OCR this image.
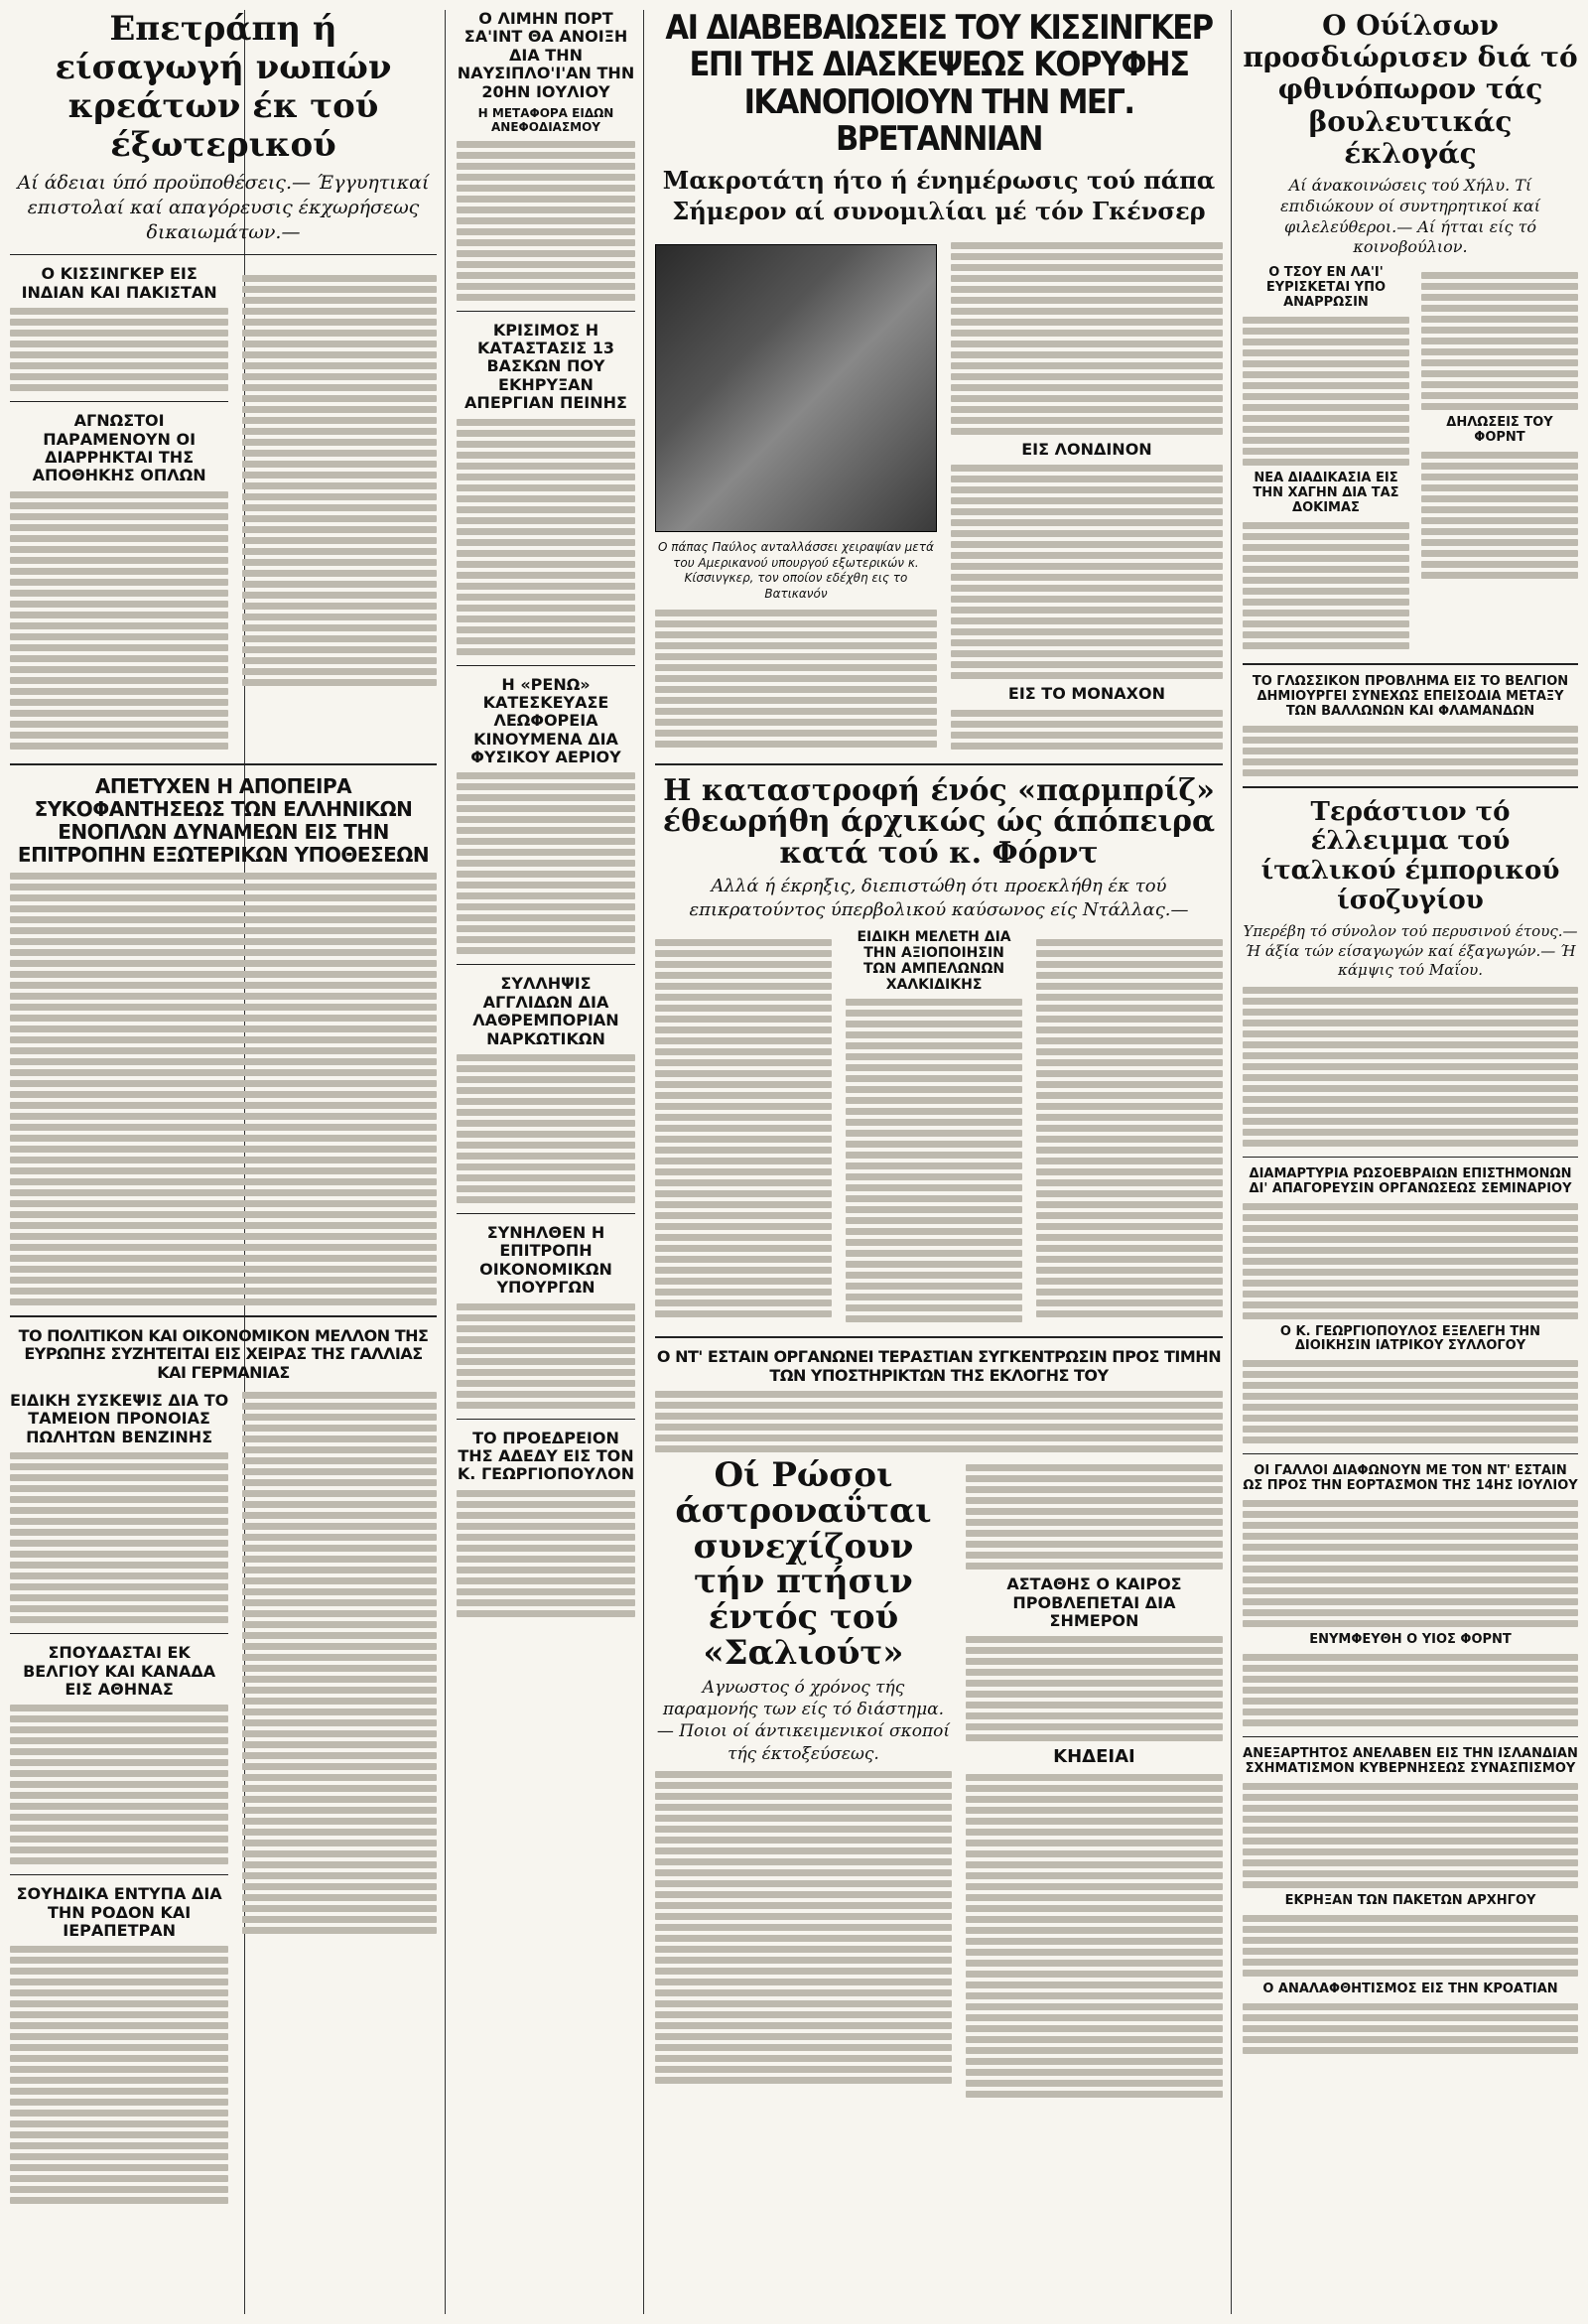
Επετράπη ή είσαγωγή νωπών κρεάτων έκ τού έξωτερικού
Αί άδειαι ύπό προϋποθέσεις.— Έγγυητικαί επιστολαί καί απαγόρευσις έκχωρήσεως δικαιωμάτων.—
Ο ΚΙΣΣΙΝΓΚΕΡ ΕΙΣ ΙΝΔΙΑΝ ΚΑΙ ΠΑΚΙΣΤΑΝ
ΑΓΝΩΣΤΟΙ ΠΑΡΑΜΕΝΟΥΝ ΟΙ ΔΙΑΡΡΗΚΤΑΙ ΤΗΣ ΑΠΟΘΗΚΗΣ ΟΠΛΩΝ
ΑΠΕΤΥΧΕΝ Η ΑΠΟΠΕΙΡΑ ΣΥΚΟΦΑΝΤΗΣΕΩΣ ΤΩΝ ΕΛΛΗΝΙΚΩΝ ΕΝΟΠΛΩΝ ΔΥΝΑΜΕΩΝ ΕΙΣ ΤΗΝ ΕΠΙΤΡΟΠΗΝ ΕΞΩΤΕΡΙΚΩΝ ΥΠΟΘΕΣΕΩΝ
ΤΟ ΠΟΛΙΤΙΚΟΝ ΚΑΙ ΟΙΚΟΝΟΜΙΚΟΝ ΜΕΛΛΟΝ ΤΗΣ ΕΥΡΩΠΗΣ ΣΥΖΗΤΕΙΤΑΙ ΕΙΣ ΧΕΙΡΑΣ ΤΗΣ ΓΑΛΛΙΑΣ ΚΑΙ ΓΕΡΜΑΝΙΑΣ
ΕΙΔΙΚΗ ΣΥΣΚΕΨΙΣ ΔΙΑ ΤΟ ΤΑΜΕΙΟΝ ΠΡΟΝΟΙΑΣ ΠΩΛΗΤΩΝ ΒΕΝΖΙΝΗΣ
ΣΠΟΥΔΑΣΤΑΙ ΕΚ ΒΕΛΓΙΟΥ ΚΑΙ ΚΑΝΑΔΑ ΕΙΣ ΑΘΗΝΑΣ
ΣΟΥΗΔΙΚΑ ΕΝΤΥΠΑ ΔΙΑ ΤΗΝ ΡΟΔΟΝ ΚΑΙ ΙΕΡΑΠΕΤΡΑΝ
Ο ΛΙΜΗΝ ΠΟΡΤ ΣΑ'ΙΝΤ ΘΑ ΑΝΟΙΞΗ ΔΙΑ ΤΗΝ ΝΑΥΣΙΠΛΟ'Ι'ΑΝ ΤΗΝ 20ΗΝ ΙΟΥΛΙΟΥ
Η ΜΕΤΑΦΟΡΑ ΕΙΔΩΝ ΑΝΕΦΟΔΙΑΣΜΟΥ
ΚΡΙΣΙΜΟΣ Η ΚΑΤΑΣΤΑΣΙΣ 13 ΒΑΣΚΩΝ ΠΟΥ ΕΚΗΡΥΞΑΝ ΑΠΕΡΓΙΑΝ ΠΕΙΝΗΣ
Η «ΡΕΝΩ» ΚΑΤΕΣΚΕΥΑΣΕ ΛΕΩΦΟΡΕΙΑ ΚΙΝΟΥΜΕΝΑ ΔΙΑ ΦΥΣΙΚΟΥ ΑΕΡΙΟΥ
ΣΥΛΛΗΨΙΣ ΑΓΓΛΙΔΩΝ ΔΙΑ ΛΑΘΡΕΜΠΟΡΙΑΝ ΝΑΡΚΩΤΙΚΩΝ
ΣΥΝΗΛΘΕΝ Η ΕΠΙΤΡΟΠΗ ΟΙΚΟΝΟΜΙΚΩΝ ΥΠΟΥΡΓΩΝ
ΤΟ ΠΡΟΕΔΡΕΙΟΝ ΤΗΣ ΑΔΕΔΥ ΕΙΣ ΤΟΝ Κ. ΓΕΩΡΓΙΟΠΟΥΛΟΝ
ΑΙ ΔΙΑΒΕΒΑΙΩΣΕΙΣ ΤΟΥ ΚΙΣΣΙΝΓΚΕΡ ΕΠΙ ΤΗΣ ΔΙΑΣΚΕΨΕΩΣ ΚΟΡΥΦΗΣ ΙΚΑΝΟΠΟΙΟΥΝ ΤΗΝ ΜΕΓ. ΒΡΕΤΑΝΝΙΑΝ
Μακροτάτη ήτο ή ένημέρωσις τού πάπα Σήμερον αί συνομιλίαι μέ τόν Γκένσερ
Ο πάπας Παύλος ανταλλάσσει χειραψίαν μετά του Αμερικανού υπουργού εξωτερικών κ. Κίσσινγκερ, τον οποίον εδέχθη εις το Βατικανόν
ΕΙΣ ΛΟΝΔΙΝΟΝ
ΕΙΣ ΤΟ ΜΟΝΑΧΟΝ
Η καταστροφή ένός «παρμπρίζ» έθεωρήθη άρχικώς ώς άπόπειρα κατά τού κ. Φόρντ
Αλλά ή έκρηξις, διεπιστώθη ότι προεκλήθη έκ τού επικρατούντος ύπερβολικού καύσωνος είς Ντάλλας.—
ΕΙΔΙΚΗ ΜΕΛΕΤΗ ΔΙΑ ΤΗΝ ΑΞΙΟΠΟΙΗΣΙΝ ΤΩΝ ΑΜΠΕΛΩΝΩΝ ΧΑΛΚΙΔΙΚΗΣ
Ο ΝΤ' ΕΣΤΑΙΝ ΟΡΓΑΝΩΝΕΙ ΤΕΡΑΣΤΙΑΝ ΣΥΓΚΕΝΤΡΩΣΙΝ ΠΡΟΣ ΤΙΜΗΝ ΤΩΝ ΥΠΟΣΤΗΡΙΚΤΩΝ ΤΗΣ ΕΚΛΟΓΗΣ ΤΟΥ
Οί Ρώσοι άστροναΰται συνεχίζουν τήν πτήσιν έντός τού «Σαλιούτ»
Αγνωστος ό χρόνος τής παραμονής των είς τό διάστημα.— Ποιοι οί άντικειμενικοί σκοποί τής έκτοξεύσεως.
ΑΣΤΑΘΗΣ Ο ΚΑΙΡΟΣ ΠΡΟΒΛΕΠΕΤΑΙ ΔΙΑ ΣΗΜΕΡΟΝ
ΚΗΔΕΙΑΙ
Ο Ούίλσων προσδιώρισεν διά τό φθινόπωρον τάς βουλευτικάς έκλογάς
Αί άνακοινώσεις τού Χήλυ. Τί επιδιώκουν οί συντηρητικοί καί φιλελεύθεροι.— Αί ήτται είς τό κοινοβούλιον.
Ο ΤΣΟΥ ΕΝ ΛΑ'Ι' ΕΥΡΙΣΚΕΤΑΙ ΥΠΟ ΑΝΑΡΡΩΣΙΝ
ΝΕΑ ΔΙΑΔΙΚΑΣΙΑ ΕΙΣ ΤΗΝ ΧΑΓΗΝ ΔΙΑ ΤΑΣ ΔΟΚΙΜΑΣ
ΔΗΛΩΣΕΙΣ ΤΟΥ ΦΟΡΝΤ
ΤΟ ΓΛΩΣΣΙΚΟΝ ΠΡΟΒΛΗΜΑ ΕΙΣ ΤΟ ΒΕΛΓΙΟΝ ΔΗΜΙΟΥΡΓΕΙ ΣΥΝΕΧΩΣ ΕΠΕΙΣΟΔΙΑ ΜΕΤΑΞΥ ΤΩΝ ΒΑΛΛΩΝΩΝ ΚΑΙ ΦΛΑΜΑΝΔΩΝ
Τεράστιον τό έλλειμμα τού ίταλικού έμπορικού ίσοζυγίου
Υπερέβη τό σύνολον τού περυσινού έτους.— Ή άξία τών είσαγωγών καί έξαγωγών.— Ή κάμψις τού Μαΐου.
ΔΙΑΜΑΡΤΥΡΙΑ ΡΩΣΟΕΒΡΑΙΩΝ ΕΠΙΣΤΗΜΟΝΩΝ ΔΙ' ΑΠΑΓΟΡΕΥΣΙΝ ΟΡΓΑΝΩΣΕΩΣ ΣΕΜΙΝΑΡΙΟΥ
Ο Κ. ΓΕΩΡΓΙΟΠΟΥΛΟΣ ΕΞΕΛΕΓΗ ΤΗΝ ΔΙΟΙΚΗΣΙΝ ΙΑΤΡΙΚΟΥ ΣΥΛΛΟΓΟΥ
ΟΙ ΓΑΛΛΟΙ ΔΙΑΦΩΝΟΥΝ ΜΕ ΤΟΝ ΝΤ' ΕΣΤΑΙΝ ΩΣ ΠΡΟΣ ΤΗΝ ΕΟΡΤΑΣΜΟΝ ΤΗΣ 14ΗΣ ΙΟΥΛΙΟΥ
ΕΝΥΜΦΕΥΘΗ Ο ΥΙΟΣ ΦΟΡΝΤ
ΑΝΕΞΑΡΤΗΤΟΣ ΑΝΕΛΑΒΕΝ ΕΙΣ ΤΗΝ ΙΣΛΑΝΔΙΑΝ ΣΧΗΜΑΤΙΣΜΟΝ ΚΥΒΕΡΝΗΣΕΩΣ ΣΥΝΑΣΠΙΣΜΟΥ
ΕΚΡΗΞΑΝ ΤΩΝ ΠΑΚΕΤΩΝ ΑΡΧΗΓΟΥ
Ο ΑΝΑΛΑΦΘΗΤΙΣΜΟΣ ΕΙΣ ΤΗΝ ΚΡΟΑΤΙΑΝ
